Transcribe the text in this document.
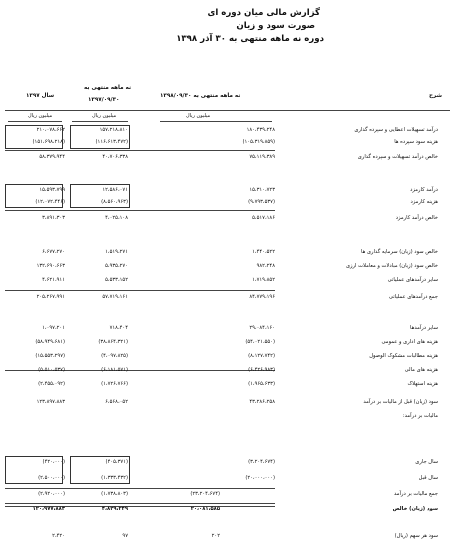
گزارش مالی میان دوره ای
صورت سود و زیان
دوره نه ماهه منتهی به ۳۰ آذر ۱۳۹۸
شرح
نه ماهه منتهی به ۱۳۹۸/۰۹/۳۰
نه ماهه منتهی به
۱۳۹۷/۰۹/۳۰
سال ۱۳۹۷
میلیون ریال
میلیون ریال
میلیون ریال
درآمد تسهیلات اعطایی و سپرده گذاری
۱۸۰،۴۳۹،۲۴۸
۱۵۷،۲۱۸،۸۱۰
۲۱۰،۰۷۸،۶۶۲
هزینه سود سپرده ها
(۱۰۵،۳۱۹،۸۵۹)
(۱۱۶،۶۱۳،۴۷۲)
(۱۵۱،۶۹۸،۲۱۸)
خالص درآمد تسهیلات و سپرده گذاری
۷۵،۱۱۹،۳۸۹
۴۰،۷۰۶،۳۳۸
۵۸،۳۷۹،۹۴۴
درآمد کارمزد
۱۵،۳۱۰،۷۲۳
۱۲،۵۸۶،۰۷۱
۱۵،۵۹۳،۷۹۹
هزینه کارمزد
(۹،۷۹۳،۵۳۷)
(۸،۵۶۰،۹۶۳)
(۱۲،۰۷۲،۴۴۶)
خالص درآمد کارمزد
۵،۵۱۷،۱۸۶
۴،۰۲۵،۱۰۸
۳،۸۹۱،۳۰۳
خالص سود (زیان) سرمایه گذاری ها
۱،۴۴۰،۵۲۲
۱،۵۱۹،۲۷۱
۶،۶۷۷،۲۷۰
خالص سود (زیان) مبادلات و معاملات ارزی
۹۸۲،۲۴۸
۵،۹۳۵،۲۷۰
۱۳۲،۶۹۰،۶۶۳
سایر درآمدهای عملیاتی
۱،۷۱۹،۸۵۲
۵،۵۳۳،۱۵۲
۴،۶۲۱،۹۱۱
جمع درآمدهای عملیاتی
۸۴،۷۷۹،۱۹۶
۵۷،۷۱۹،۱۶۱
۲۰۵،۲۶۷،۹۹۱
سایر درآمدها
۲۹،۰۸۴،۱۶۰
۷۱۸،۴۰۴
۱،۰۹۷،۲۰۱
هزینه های اداری و عمومی
(۵۴،۰۲۱،۵۵۰)
(۳۸،۸۶۴،۳۲۱)
(۵۸،۹۴۹،۶۸۱)
هزینه مطالبات مشکوک الوصول
(۸،۱۲۷،۷۴۲)
(۴،۰۹۷،۸۲۵)
(۱۵،۵۵۳،۲۹۷)
هزینه های مالی
(۶،۴۲۶،۹۸۳)
(۶،۱۸۱،۵۷۱)
(۵،۵۱۰،۵۳۷)
هزینه استهلاک
(۱،۹۶۵،۶۳۳)
(۱،۷۲۶،۷۶۶)
(۲،۴۵۵،۰۹۲)
سود (زیان) قبل از مالیات بر درآمد
۴۳،۲۸۶،۲۵۸
۶،۵۶۸،۰۵۲
۱۲۳،۸۹۷،۸۸۳
مالیات بر درآمد:
سال جاری
(۳،۲۰۴،۶۷۴)
(۴۰۵،۳۷۱)
(۴۲۰،۰۰۰)
سال قبل
(۲۰،۰۰۰،۰۰۰)
(۱،۳۳۳،۴۳۲)
(۲،۵۰۰،۰۰۰)
جمع مالیات بر درآمد
(۲۳،۲۰۴،۶۷۴)
(۱،۷۳۸،۸۰۳)
(۲،۹۲۰،۰۰۰)
سود (زیان) خالص
۲۰،۰۸۱،۵۸۵
۴،۸۲۹،۲۴۹
۱۲۰،۹۷۷،۸۸۳
سود هر سهم (ریال)
۲۰۲
۹۷
۲،۴۲۰
